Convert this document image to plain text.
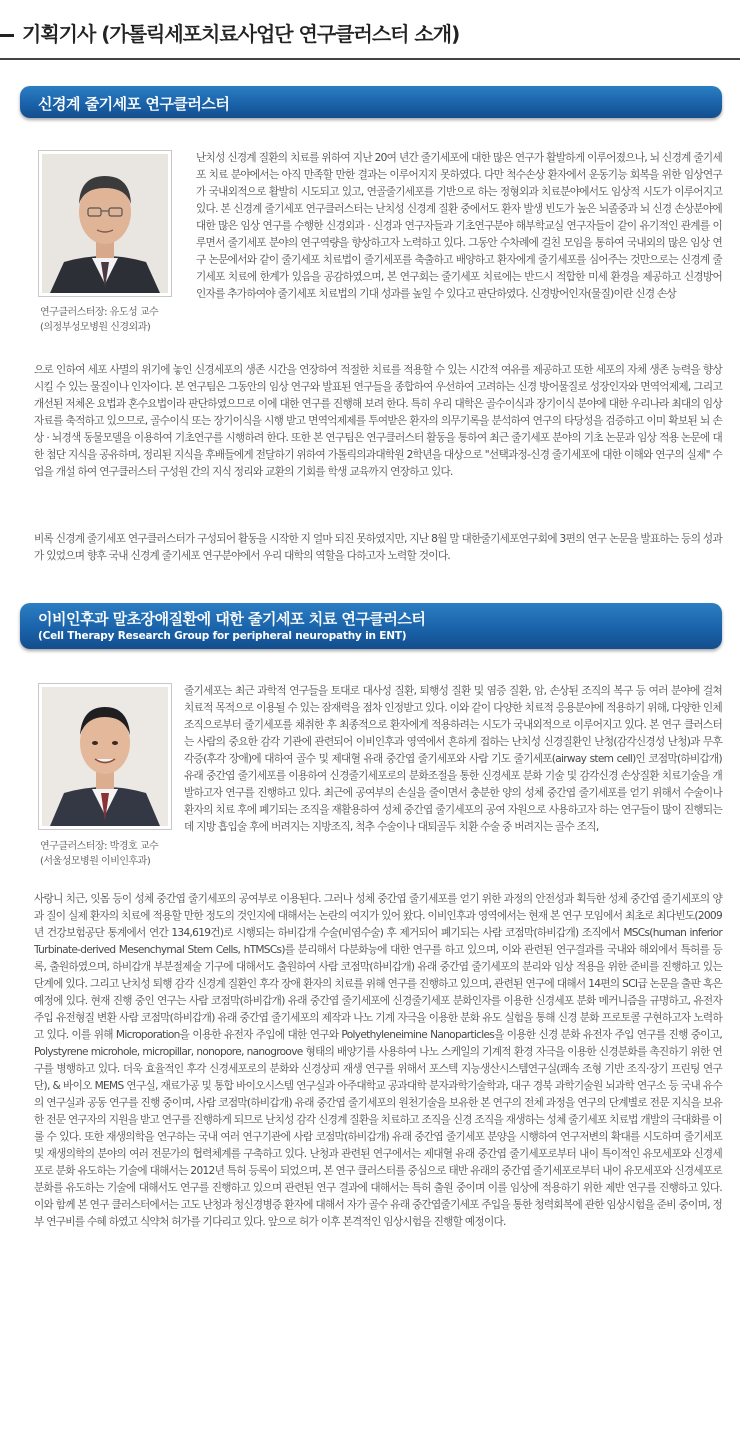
기획기사 (가톨릭세포치료사업단 연구클러스터 소개)
신경계 줄기세포 연구클러스터
연구클러스터장: 유도성 교수
(의정부성모병원 신경외과)
난치성 신경계 질환의 치료를 위하여 지난 20여 년간 줄기세포에 대한 많은 연구가 활발하게 이루어졌으나, 뇌 신경계 줄기세포 치료 분야에서는 아직 만족할 만한 결과는 이루어지지 못하였다. 다만 척수손상 환자에서 운동기능 회복을 위한 임상연구가 국내외적으로 활발히 시도되고 있고, 연골줄기세포를 기반으로 하는 정형외과 치료분야에서도 임상적 시도가 이루어지고 있다. 본 신경계 줄기세포 연구클러스터는 난치성 신경계 질환 중에서도 환자 발생 빈도가 높은 뇌졸중과 뇌 신경 손상분야에 대한 많은 임상 연구를 수행한 신경외과 · 신경과 연구자들과 기초연구분야 해부학교실 연구자들이 같이 유기적인 관계를 이루면서 줄기세포 분야의 연구역량을 향상하고자 노력하고 있다. 그동안 수차례에 걸친 모임을 통하여 국내외의 많은 임상 연구 논문에서와 같이 줄기세포 치료법이 줄기세포를 축출하고 배양하고 환자에게 줄기세포를 심어주는 것만으로는 신경계 줄기세포 치료에 한계가 있음을 공감하였으며, 본 연구회는 줄기세포 치료에는 반드시 적합한 미세 환경을 제공하고 신경방어인자를 추가하여야 줄기세포 치료법의 기대 성과를 높일 수 있다고 판단하였다. 신경방어인자(물질)이란 신경 손상
으로 인하여 세포 사멸의 위기에 놓인 신경세포의 생존 시간을 연장하여 적절한 치료를 적용할 수 있는 시간적 여유를 제공하고 또한 세포의 자체 생존 능력을 향상시킬 수 있는 물질이나 인자이다. 본 연구팀은 그동안의 임상 연구와 발표된 연구들을 종합하여 우선하여 고려하는 신경 방어물질로 성장인자와 면역억제제, 그리고 개선된 저체온 요법과 혼수요법이라 판단하였으므로 이에 대한 연구를 진행해 보려 한다. 특히 우리 대학은 골수이식과 장기이식 분야에 대한 우리나라 최대의 임상 자료를 축적하고 있으므로, 골수이식 또는 장기이식을 시행 받고 면역억제제를 투여받은 환자의 의무기록을 분석하여 연구의 타당성을 검증하고 이미 확보된 뇌 손상 · 뇌경색 동물모델을 이용하여 기초연구를 시행하려 한다. 또한 본 연구팀은 연구클러스터 활동을 통하여 최근 줄기세포 분야의 기초 논문과 임상 적용 논문에 대한 첨단 지식을 공유하며, 정리된 지식을 후배들에게 전달하기 위하여 가톨릭의과대학원 2학년을 대상으로 "선택과정-신경 줄기세포에 대한 이해와 연구의 실제" 수업을 개설 하여 연구클러스터 구성원 간의 지식 정리와 교환의 기회를 학생 교육까지 연장하고 있다.
비록 신경계 줄기세포 연구클러스터가 구성되어 활동을 시작한 지 얼마 되진 못하였지만, 지난 8월 말 대한줄기세포연구회에 3편의 연구 논문을 발표하는 등의 성과가 있었으며 향후 국내 신경계 줄기세포 연구분야에서 우리 대학의 역할을 다하고자 노력할 것이다.
이비인후과 말초장애질환에 대한 줄기세포 치료 연구클러스터
(Cell Therapy Research Group for peripheral neuropathy in ENT)
연구클러스터장: 박경호 교수
(서울성모병원 이비인후과)
줄기세포는 최근 과학적 연구들을 토대로 대사성 질환, 퇴행성 질환 및 염증 질환, 암, 손상된 조직의 복구 등 여러 분야에 걸쳐 치료적 목적으로 이용될 수 있는 잠재력을 점차 인정받고 있다. 이와 같이 다양한 치료적 응용분야에 적용하기 위해, 다양한 인체조직으로부터 줄기세포를 채취한 후 최종적으로 환자에게 적용하려는 시도가 국내외적으로 이루어지고 있다. 본 연구 클러스터는 사람의 중요한 감각 기관에 관련되어 이비인후과 영역에서 흔하게 접하는 난치성 신경질환인 난청(감각신경성 난청)과 무후각증(후각 장애)에 대하여 골수 및 제대혈 유래 중간엽 줄기세포와 사람 기도 줄기세포(airway stem cell)인 코점막(하비갑개) 유래 중간엽 줄기세포를 이용하여 신경줄기세포로의 분화조절을 통한 신경세포 분화 기술 및 감각신경 손상질환 치료기술을 개발하고자 연구를 진행하고 있다. 최근에 공여부의 손실을 줄이면서 충분한 양의 성체 중간엽 줄기세포를 얻기 위해서 수술이나 환자의 치료 후에 폐기되는 조직을 재활용하여 성체 중간엽 줄기세포의 공여 자원으로 사용하고자 하는 연구들이 많이 진행되는데 지방 흡입술 후에 버려지는 지방조직, 척추 수술이나 대퇴골두 치환 수술 중 버려지는 골수 조직,
사랑니 치근, 잇몸 등이 성체 중간엽 줄기세포의 공여부로 이용된다. 그러나 성체 중간엽 줄기세포를 얻기 위한 과정의 안전성과 획득한 성체 중간엽 줄기세포의 양과 질이 실제 환자의 치료에 적용할 만한 정도의 것인지에 대해서는 논란의 여지가 있어 왔다. 이비인후과 영역에서는 현재 본 연구 모임에서 최초로 최다빈도(2009년 건강보험공단 통계에서 연간 134,619건)로 시행되는 하비갑개 수술(비염수술) 후 제거되어 폐기되는 사람 코점막(하비갑개) 조직에서 MSCs(human inferior Turbinate-derived Mesenchymal Stem Cells, hTMSCs)를 분리해서 다분화능에 대한 연구를 하고 있으며, 이와 관련된 연구결과를 국내와 해외에서 특허를 등록, 출원하였으며, 하비갑개 부분절제술 기구에 대해서도 출원하여 사람 코점막(하비갑개) 유래 중간엽 줄기세포의 분리와 임상 적용을 위한 준비를 진행하고 있는 단계에 있다. 그리고 난치성 퇴행 감각 신경계 질환인 후각 장애 환자의 치료를 위해 연구를 진행하고 있으며, 관련된 연구에 대해서 14편의 SCI급 논문을 출판 혹은 예정에 있다. 현재 진행 중인 연구는 사람 코점막(하비갑개) 유래 중간엽 줄기세포에 신경줄기세포 분화인자를 이용한 신경세포 분화 메커니즘을 규명하고, 유전자 주입 유전형질 변환 사람 코점막(하비갑개) 유래 중간엽 줄기세포의 제작과 나노 기계 자극을 이용한 분화 유도 실험을 통해 신경 분화 프로토콜 구현하고자 노력하고 있다. 이를 위해 Microporation을 이용한 유전자 주입에 대한 연구와 Polyethyleneimine Nanoparticles을 이용한 신경 분화 유전자 주입 연구를 진행 중이고, Polystyrene microhole, micropillar, nonopore, nanogroove 형태의 배양기를 사용하여 나노 스케일의 기계적 환경 자극을 이용한 신경분화를 촉진하기 위한 연구를 병행하고 있다. 더욱 효율적인 후각 신경세포로의 분화와 신경상피 재생 연구를 위해서 포스텍 지능생산시스템연구실(쾌속 조형 기반 조직·장기 프린팅 연구단), & 바이오 MEMS 연구실, 재료가공 및 통합 바이오시스템 연구실과 아주대학교 공과대학 분자과학기술학과, 대구 경북 과학기술원 뇌과학 연구소 등 국내 유수의 연구실과 공동 연구를 진행 중이며, 사람 코점막(하비갑개) 유래 중간엽 줄기세포의 원천기술을 보유한 본 연구의 전체 과정을 연구의 단계별로 전문 지식을 보유한 전문 연구자의 지원을 받고 연구를 진행하게 되므로 난치성 감각 신경계 질환을 치료하고 조직을 신경 조직을 재생하는 성체 줄기세포 치료법 개발의 극대화를 이룰 수 있다. 또한 재생의학을 연구하는 국내 여러 연구기관에 사람 코점막(하비갑개) 유래 중간엽 줄기세포 분양을 시행하여 연구저변의 확대를 시도하며 줄기세포 및 재생의학의 분야의 여러 전문가의 협력체계를 구축하고 있다. 난청과 관련된 연구에서는 제대혈 유래 중간엽 줄기세포로부터 내이 특이적인 유모세포와 신경세포로 분화 유도하는 기술에 대해서는 2012년 특허 등록이 되었으며, 본 연구 클러스터를 중심으로 태반 유래의 중간엽 줄기세포로부터 내이 유모세포와 신경세포로 분화를 유도하는 기술에 대해서도 연구를 진행하고 있으며 관련된 연구 결과에 대해서는 특허 출원 중이며 이를 임상에 적용하기 위한 제반 연구를 진행하고 있다. 이와 함께 본 연구 클러스터에서는 고도 난청과 청신경병증 환자에 대해서 자가 골수 유래 중간엽줄기세포 주입을 통한 청력회복에 관한 임상시험을 준비 중이며, 정부 연구비를 수혜 하였고 식약처 허가를 기다리고 있다. 앞으로 허가 이후 본격적인 임상시험을 진행할 예정이다.
